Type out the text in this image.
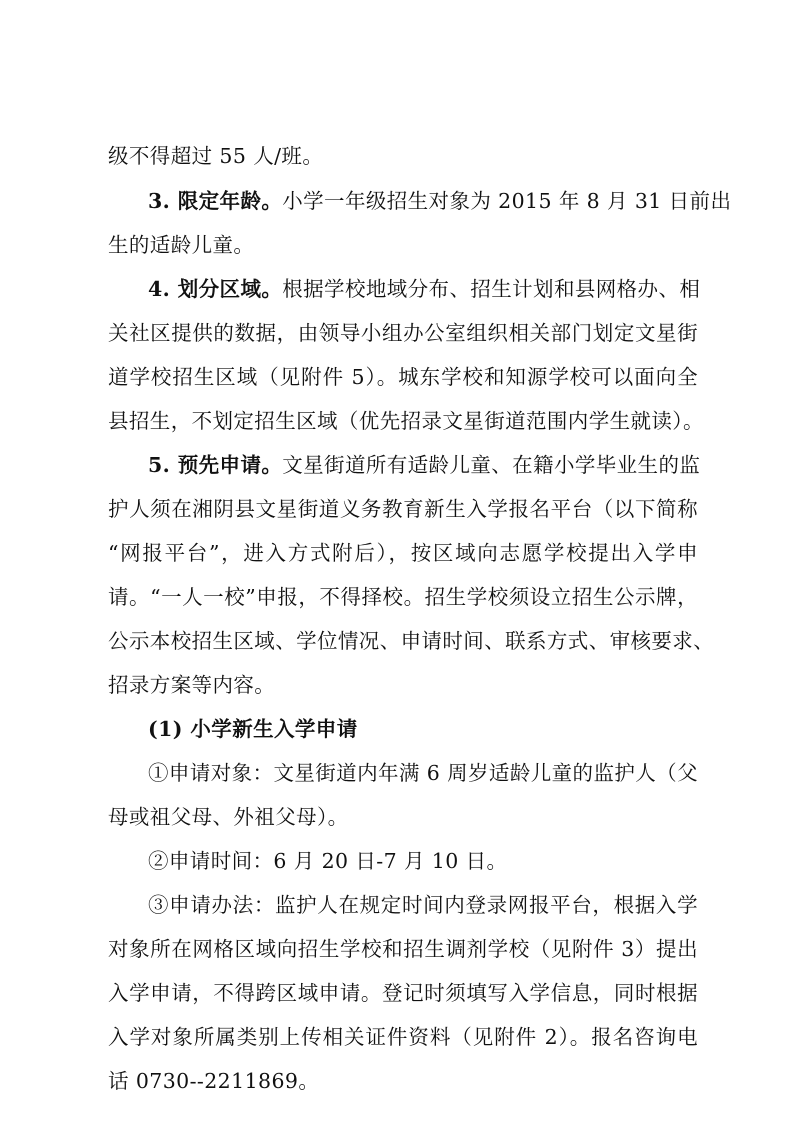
级不得超过 55 人/班。
3. 限定年龄。小学一年级招生对象为 2015 年 8 月 31 日前出
生的适龄儿童。
4. 划分区域。根据学校地域分布、招生计划和县网格办、相
关社区提供的数据，由领导小组办公室组织相关部门划定文星街
道学校招生区域（见附件 5）。城东学校和知源学校可以面向全
县招生，不划定招生区域（优先招录文星街道范围内学生就读）。
5. 预先申请。文星街道所有适龄儿童、在籍小学毕业生的监
护人须在湘阴县文星街道义务教育新生入学报名平台（以下简称
“网报平台”，进入方式附后），按区域向志愿学校提出入学申
请。“一人一校”申报，不得择校。招生学校须设立招生公示牌，
公示本校招生区域、学位情况、申请时间、联系方式、审核要求、
招录方案等内容。
(1) 小学新生入学申请
①申请对象：文星街道内年满 6 周岁适龄儿童的监护人（父
母或祖父母、外祖父母）。
②申请时间：6 月 20 日-7 月 10 日。
③申请办法：监护人在规定时间内登录网报平台，根据入学
对象所在网格区域向招生学校和招生调剂学校（见附件 3）提出
入学申请，不得跨区域申请。登记时须填写入学信息，同时根据
入学对象所属类别上传相关证件资料（见附件 2）。报名咨询电
话 0730--2211869。
